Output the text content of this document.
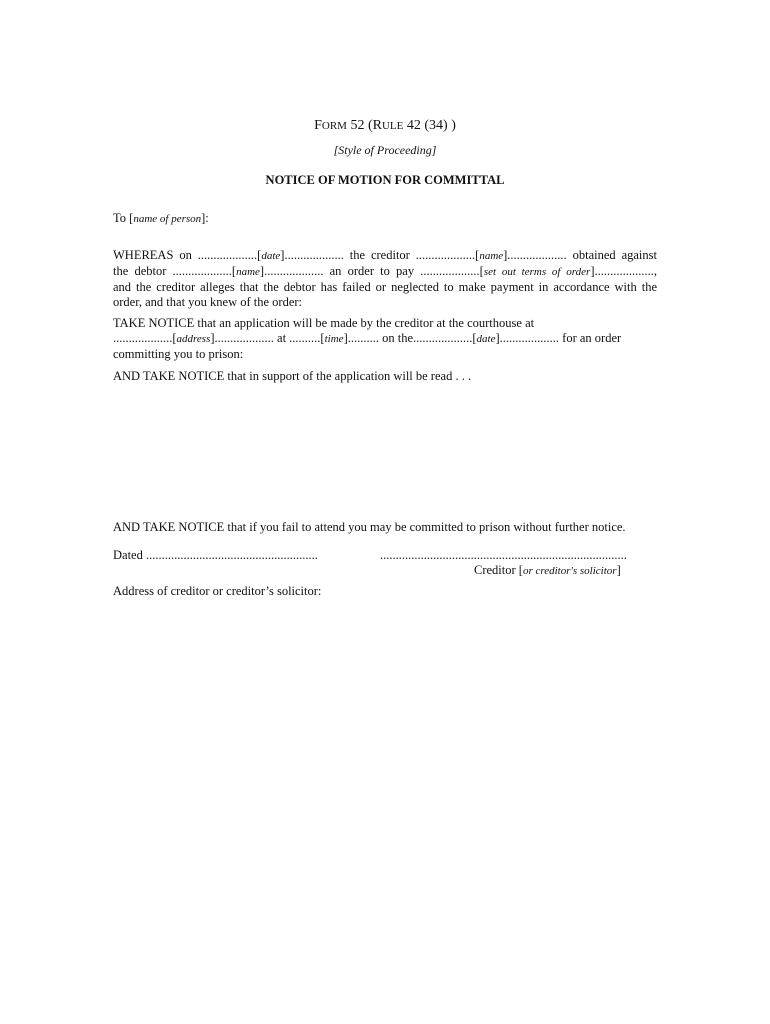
FORM 52 (RULE 42 (34) )
[Style of Proceeding]
NOTICE OF MOTION FOR COMMITTAL
To [name of person]:
WHEREAS on ...................[date]................... the creditor ...................[name]................... obtained against
the debtor ...................[name]................... an order to pay ...................[set out terms of order]...................,
and the creditor alleges that the debtor has failed or neglected to make payment in accordance with the
order, and that you knew of the order:
TAKE NOTICE that an application will be made by the creditor at the courthouse at
...................[address]................... at ..........[time].......... on the...................[date]................... for an order
committing you to prison:
AND TAKE NOTICE that in support of the application will be read . . .
AND TAKE NOTICE that if you fail to attend you may be committed to prison without further notice.
Dated .......................................................	...............................................................................
Creditor [or creditor's solicitor]
Address of creditor or creditor’s solicitor:
